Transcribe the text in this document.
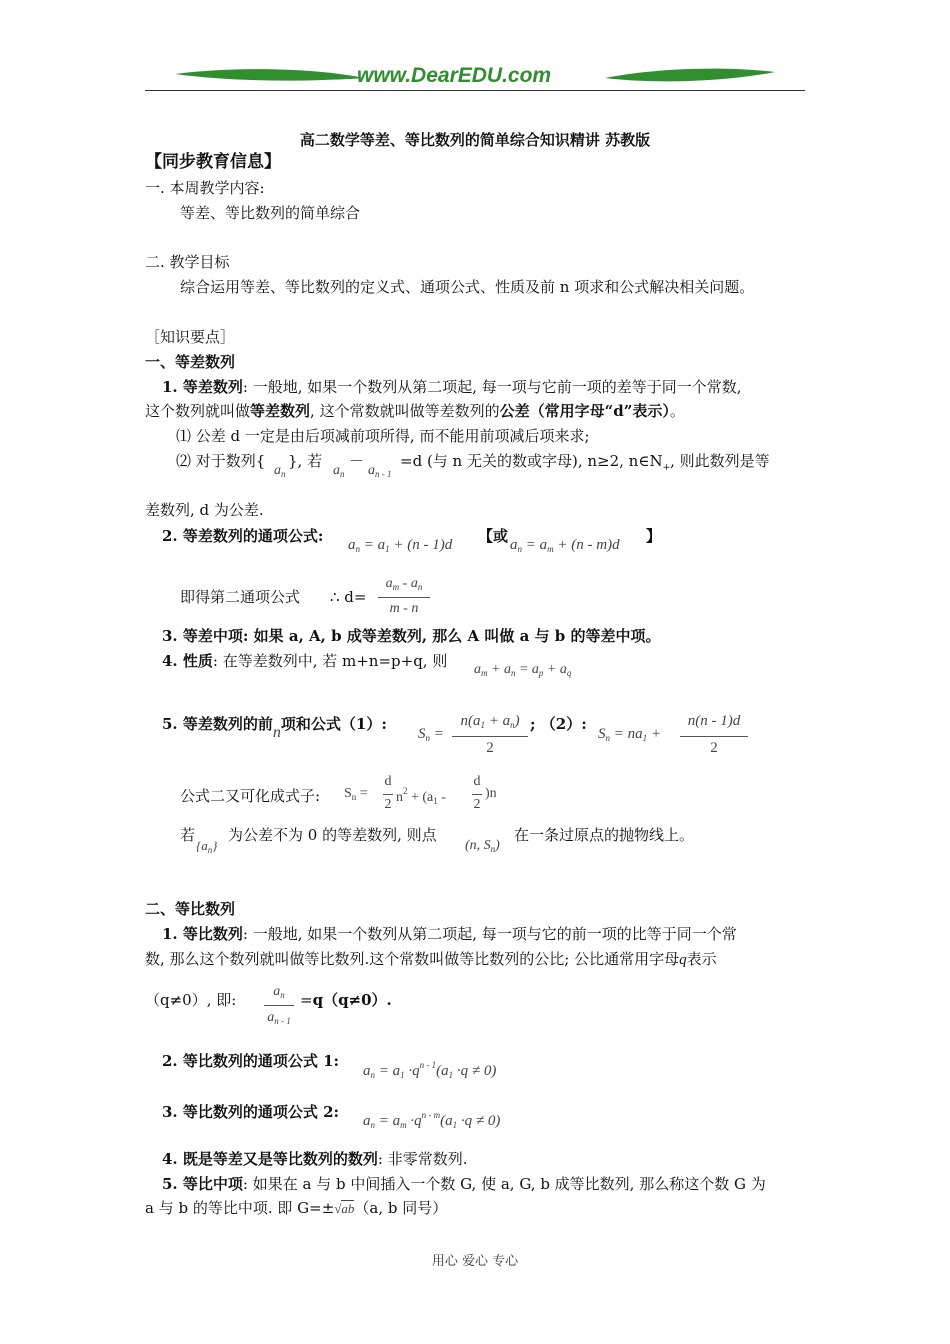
www.DearEDU.com
高二数学等差、等比数列的简单综合知识精讲 苏教版
【同步教育信息】
一. 本周教学内容:
等差、等比数列的简单综合
二. 教学目标
综合运用等差、等比数列的定义式、通项公式、性质及前 n 项求和公式解决相关问题。
［知识要点］
一、等差数列
1. 等差数列: 一般地, 如果一个数列从第二项起, 每一项与它前一项的差等于同一个常数,
这个数列就叫做等差数列, 这个常数就叫做等差数列的公差（常用字母“d”表示）。
⑴ 公差 d 一定是由后项减前项所得, 而不能用前项减后项来求;
⑵ 对于数列{
$a_n$
}, 若
$a_n$
－
$a_{n - 1}$
=d (与 n 无关的数或字母), n≥2, $n\in N_+$, 则此数列是等
差数列, d 为公差.
2. 等差数列的通项公式: $a_n = a_1 + (n - 1)d$ 【或 $a_n = a_m + (n - m)d$ 】
即得第二通项公式 ∴ d=
$a_m - a_n$
m - n
3. 等差中项: 如果 a, A, b 成等差数列, 那么 A 叫做 a 与 b 的等差中项。
4. 性质: 在等差数列中, 若 m+n=p+q, 则 $a_m + a_n = a_p + a_q$
5. 等差数列的前n项和公式（1）:
$S_n$ =
$n(a_1 + a_n)$
2
; （2）:
$S_n = na_1$ +
n(n - 1)d
2
公式二又可化成式子: $S_n$ =
d
2 $n^2 + (a_1$ -
d
2
)n
若
$\{a_n\}$
为公差不为 0 的等差数列, 则点
(n, $S_n$)
在一条过原点的抛物线上。
二、等比数列
1. 等比数列: 一般地, 如果一个数列从第二项起, 每一项与它的前一项的比等于同一个常
数, 那么这个数列就叫做等比数列.这个常数叫做等比数列的公比; 公比通常用字母q表示
（q≠0）, 即:	$a_n$
$a_{n - 1}$
=q（q≠0）.
2. 等比数列的通项公式 1:
$a_n = a_1 \cdot q^{n - 1}(a_1 \cdot q \ne 0)$
3. 等比数列的通项公式 2: $a_n = a_m \cdot q^{n - m}(a_1 \cdot q \ne 0)$
4. 既是等差又是等比数列的数列: 非零常数列.
5. 等比中项: 如果在 a 与 b 中间插入一个数 G, 使 a, G, b 成等比数列, 那么称这个数 G 为
a 与 b 的等比中项. 即 G=±√ab（a, b 同号）
用心 爱心 专心
